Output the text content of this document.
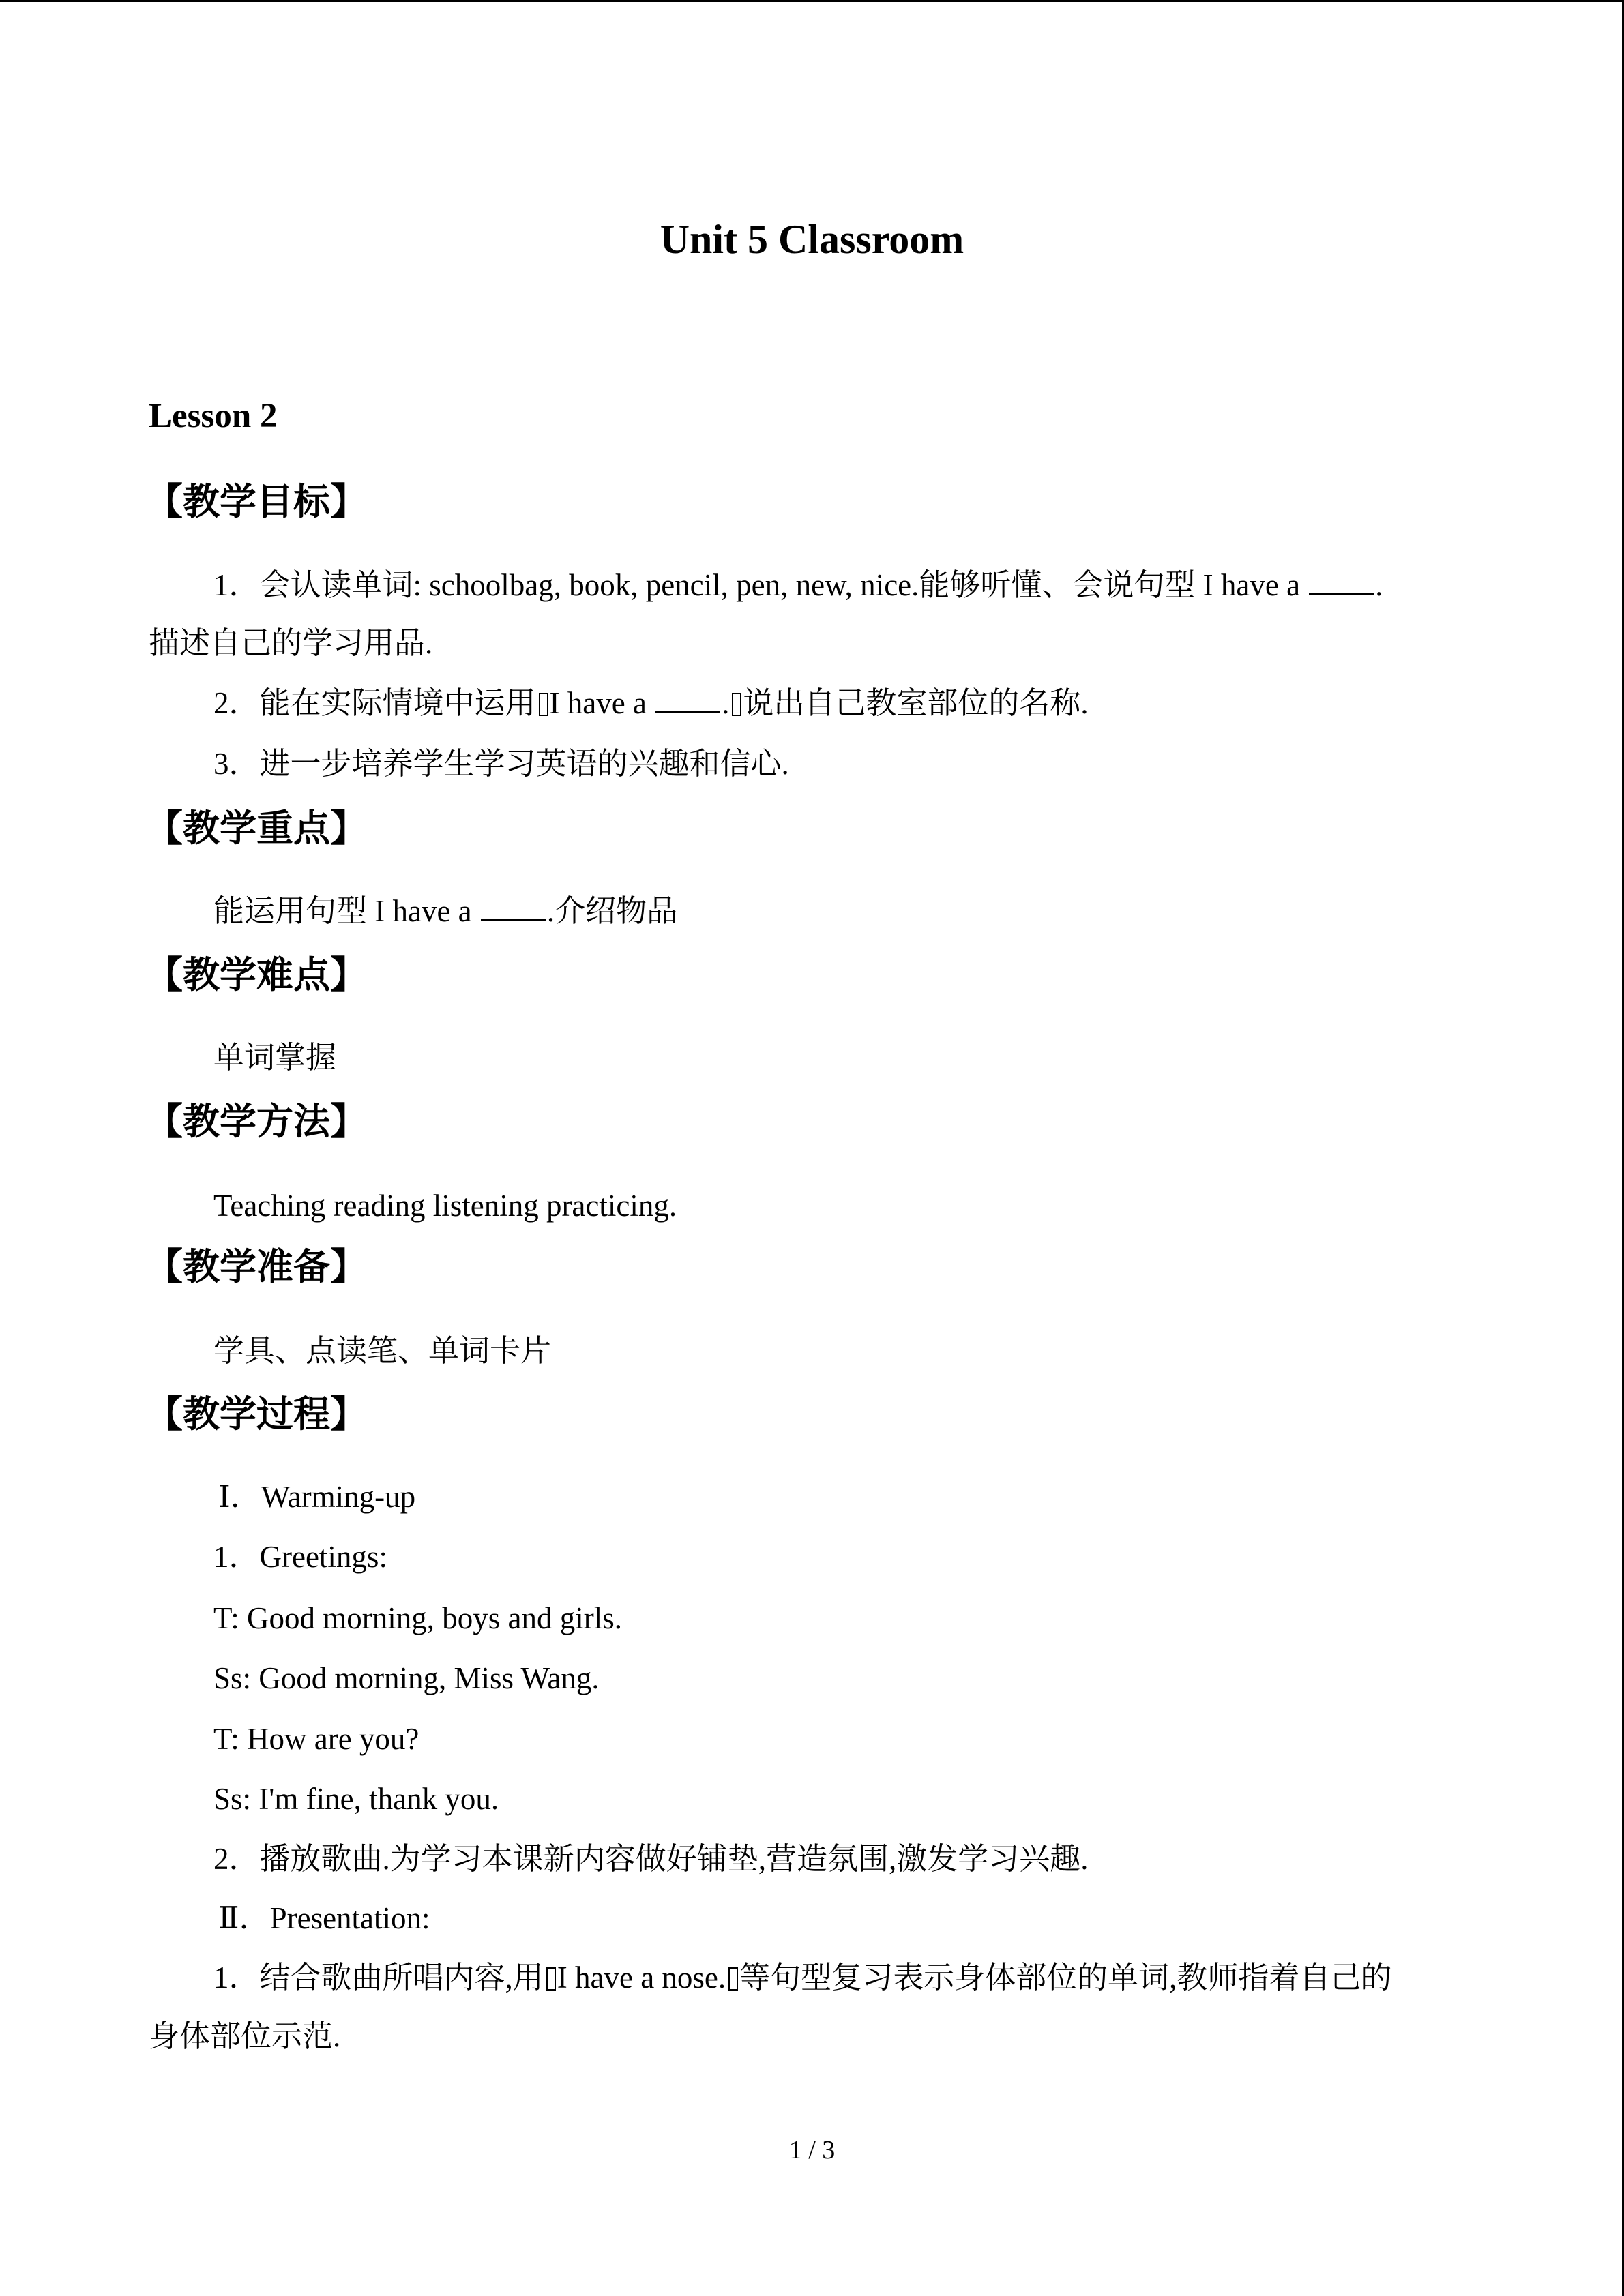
Unit 5 Classroom
Lesson 2
【教学目标】
1．会认读单词: schoolbag, book, pencil, pen, new, nice.能够听懂、会说句型 I have a .
描述自己的学习用品.
2．能在实际情境中运用 I have a . 说出自己教室部位的名称.
3．进一步培养学生学习英语的兴趣和信心.
【教学重点】
能运用句型 I have a .介绍物品
【教学难点】
单词掌握
【教学方法】
Teaching reading listening practicing.
【教学准备】
学具、点读笔、单词卡片
【教学过程】
Ⅰ．Warming-up
1．Greetings:
T: Good morning, boys and girls.
Ss: Good morning, Miss Wang.
T: How are you?
Ss: I'm fine, thank you.
2．播放歌曲.为学习本课新内容做好铺垫,营造氛围,激发学习兴趣.
Ⅱ．Presentation:
1．结合歌曲所唱内容,用 I have a nose. 等句型复习表示身体部位的单词,教师指着自己的
身体部位示范.
1 / 3
